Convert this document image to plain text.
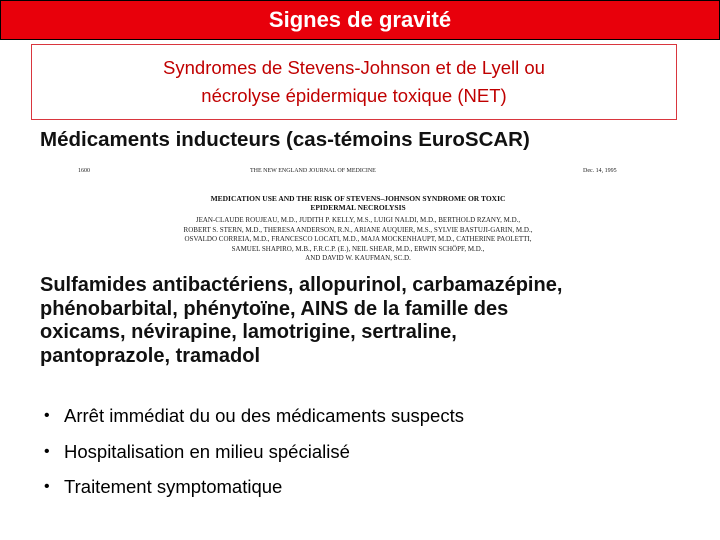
Signes de gravité
Syndromes de Stevens-Johnson et de Lyell ou
nécrolyse épidermique toxique (NET)
Médicaments inducteurs (cas-témoins EuroSCAR)
1600	THE NEW ENGLAND JOURNAL OF MEDICINE	Dec. 14, 1995
MEDICATION USE AND THE RISK OF STEVENS–JOHNSON SYNDROME OR TOXIC
EPIDERMAL NECROLYSIS
JEAN-CLAUDE ROUJEAU, M.D., JUDITH P. KELLY, M.S., LUIGI NALDI, M.D., BERTHOLD RZANY, M.D.,
ROBERT S. STERN, M.D., THERESA ANDERSON, R.N., ARIANE AUQUIER, M.S., SYLVIE BASTUJI-GARIN, M.D.,
OSVALDO CORREIA, M.D., FRANCESCO LOCATI, M.D., MAJA MOCKENHAUPT, M.D., CATHERINE PAOLETTI,
SAMUEL SHAPIRO, M.B., F.R.C.P. (E.), NEIL SHEAR, M.D., ERWIN SCHÖPF, M.D.,
AND DAVID W. KAUFMAN, SC.D.
Sulfamides antibactériens, allopurinol, carbamazépine,
phénobarbital, phénytoïne, AINS de la famille des
oxicams, névirapine, lamotrigine, sertraline,
pantoprazole, tramadol
• Arrêt immédiat du ou des médicaments suspects
• Hospitalisation en milieu spécialisé
• Traitement symptomatique
